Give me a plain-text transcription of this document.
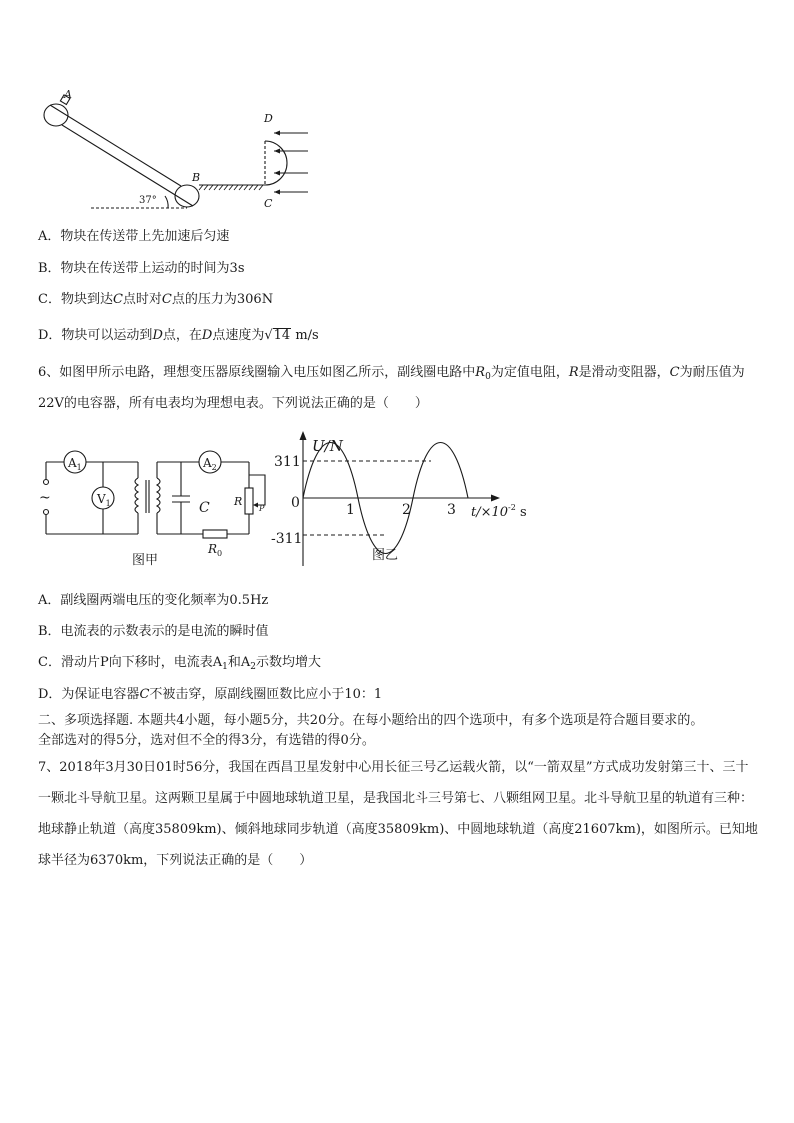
A
B
C
D
37°
A．物块在传送带上先加速后匀速
B．物块在传送带上运动的时间为3s
C．物块到达C点时对C点的压力为306N
D．物块可以运动到D点，在D点速度为√14 m/s
6、如图甲所示电路，理想变压器原线圈输入电压如图乙所示，副线圈电路中$R_0$为定值电阻，R是滑动变阻器，C为耐压值为22V的电容器，所有电表均为理想电表。下列说法正确的是（　　）
~
$A_1$
$V_1$
$A_2$
C R
P
$R_0$
图甲
U/N
311
0
-311
1	2	3 $t/\times 10^{-2}$ s
图乙
A．副线圈两端电压的变化频率为0.5Hz
B．电流表的示数表示的是电流的瞬时值
C．滑动片P向下移时，电流表$A_1$和$A_2$示数均增大
D．为保证电容器C不被击穿，原副线圈匝数比应小于10：1
二、多项选择题. 本题共4小题，每小题5分，共20分。在每小题给出的四个选项中，有多个选项是符合题目要求的。
全部选对的得5分，选对但不全的得3分，有选错的得0分。
7、2018年3月30日01时56分，我国在西昌卫星发射中心用长征三号乙运载火箭，以“一箭双星”方式成功发射第三十、三十一颗北斗导航卫星。这两颗卫星属于中圆地球轨道卫星，是我国北斗三号第七、八颗组网卫星。北斗导航卫星的轨道有三种：地球静止轨道（高度35809km)、倾斜地球同步轨道（高度35809km)、中圆地球轨道（高度21607km)，如图所示。已知地球半径为6370km，下列说法正确的是（　　）
